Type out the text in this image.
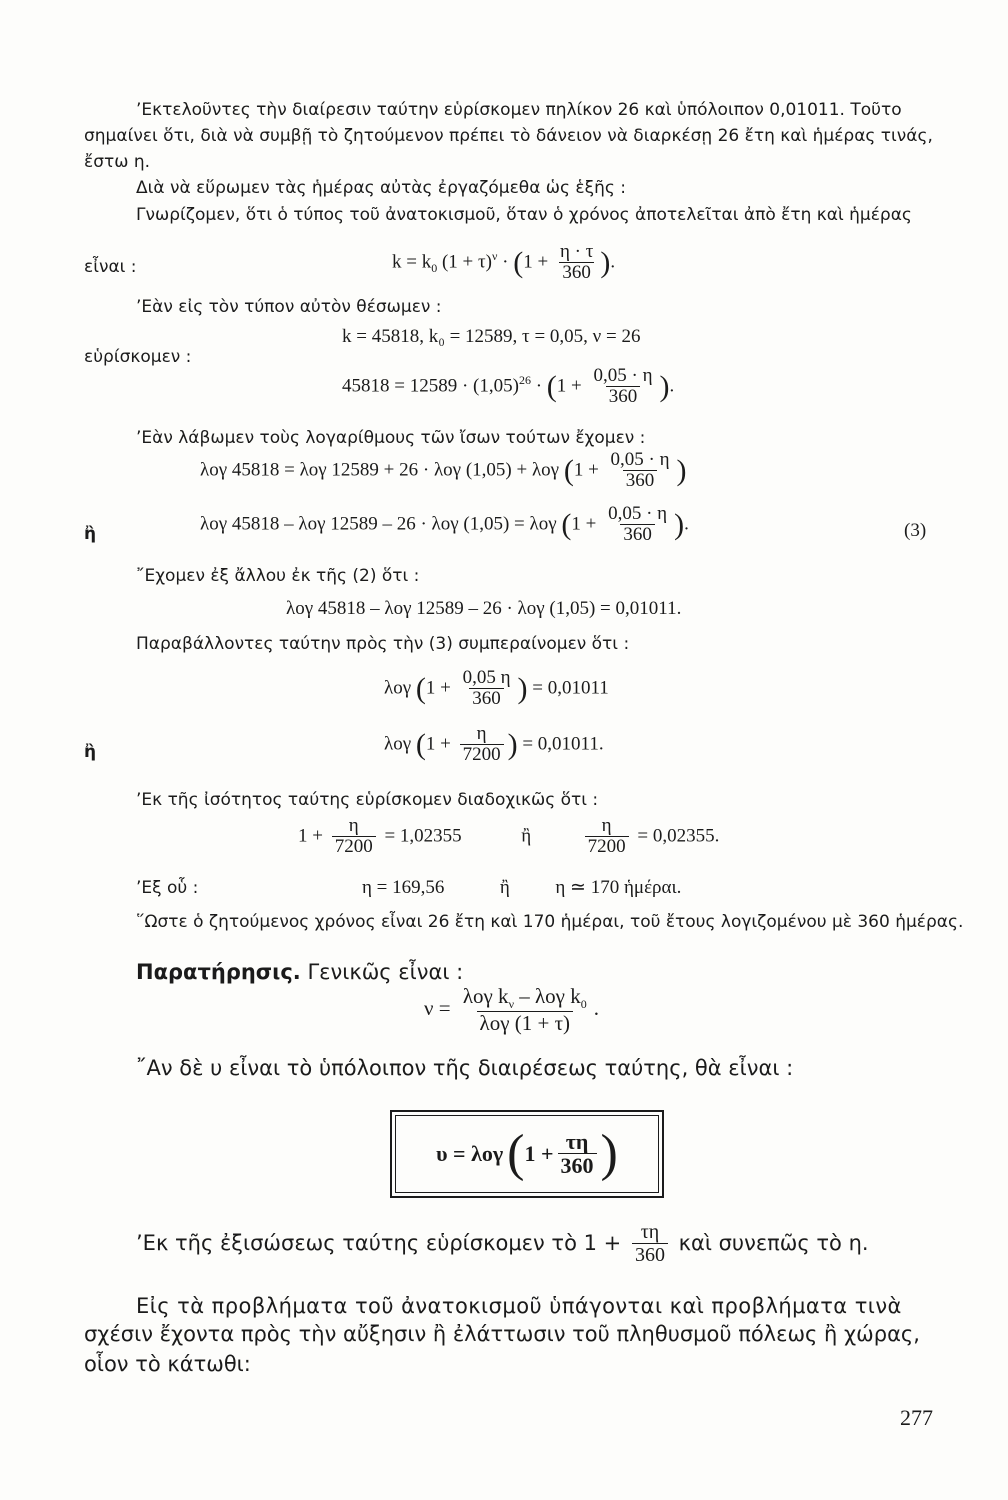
’Εκτελοῦντες τὴν διαίρεσιν ταύτην εὑρίσκομεν πηλίκον 26 καὶ ὑπόλοιπον 0,01011. Τοῦτο
σημαίνει ὅτι, διὰ νὰ συμβῇ τὸ ζητούμενον πρέπει τὸ δάνειον νὰ διαρκέσῃ 26 ἔτη καὶ ἡμέρας τινάς,
ἔστω η.
Διὰ νὰ εὕρωμεν τὰς ἡμέρας αὐτὰς ἐργαζόμεθα ὡς ἑξῆς :
Γνωρίζομεν, ὅτι ὁ τύπος τοῦ ἀνατοκισμοῦ, ὅταν ὁ χρόνος ἀποτελεῖται ἀπὸ ἔτη καὶ ἡμέρας
εἶναι :	$k = k_0$ $(1 + \tau)^\nu \cdot (1 + \frac{\eta \cdot \tau}{360}$ ).
’Εὰν εἰς τὸν τύπον αὐτὸν θέσωμεν :
k = 45818, k₀ = 12589, τ = 0,05, ν = 26
εὑρίσκομεν :
$45818 = 12589 \cdot (1,05)^{26} \cdot (1 + \frac{0,05 \cdot \eta}{360}$ ).
’Εὰν λάβωμεν τοὺς λογαρίθμους τῶν ἴσων τούτων ἔχομεν :
λογ 45818 = λογ 12589 + 26 · λογ (1,05) + λογ ($1 + \frac{0,05 \cdot \eta}{360}$ )
ἢ	λογ 45818 – λογ 12589 – 26 · λογ (1,05) = λογ ($1 + \frac{0,05 \cdot \eta}{360}$ ).	(3)
῎Εχομεν ἐξ ἄλλου ἐκ τῆς (2) ὅτι :
λογ 45818 – λογ 12589 – 26 · λογ (1,05) = 0,01011.
Παραβάλλοντες ταύτην πρὸς τὴν (3) συμπεραίνομεν ὅτι :
λογ ($1 + \frac{0,05 \eta}{360}$ ) = 0,01011
ἢ	λογ ($1 + \frac{\eta}{7200}$ ) = 0,01011.
’Εκ τῆς ἰσότητος ταύτης εὑρίσκομεν διαδοχικῶς ὅτι :
$1 + \frac{\eta}{7200} = 1,02355$	ἢ	$\frac{\eta}{7200} = 0,02355$.
’Εξ οὗ :	η = 169,56	ἢ η ≃ 170 ἡμέραι.
῞Ωστε ὁ ζητούμενος χρόνος εἶναι 26 ἔτη καὶ 170 ἡμέραι, τοῦ ἔτους λογιζομένου μὲ 360 ἡμέρας.
Παρατήρησις. Γενικῶς εἶναι :
$\nu = \frac{\lambda o\gamma k_\nu - \lambda o\gamma k_0}{\text{λογ (1 + τ)}}$ .
῎Αν δὲ υ εἶναι τὸ ὑπόλοιπον τῆς διαιρέσεως ταύτης, θὰ εἶναι :
υ = λογ ( $1 + \frac{\tau\eta}{360}$ )
’Εκ τῆς ἐξισώσεως ταύτης εὑρίσκομεν τὸ $1 + \frac{\tau\eta}{360}$ καὶ συνεπῶς τὸ η.
Εἰς τὰ προβλήματα τοῦ ἀνατοκισμοῦ ὑπάγονται καὶ προβλήματα τινὰ
σχέσιν ἔχοντα πρὸς τὴν αὔξησιν ἢ ἐλάττωσιν τοῦ πληθυσμοῦ πόλεως ἢ χώρας,
οἷον τὸ κάτωθι:
277
